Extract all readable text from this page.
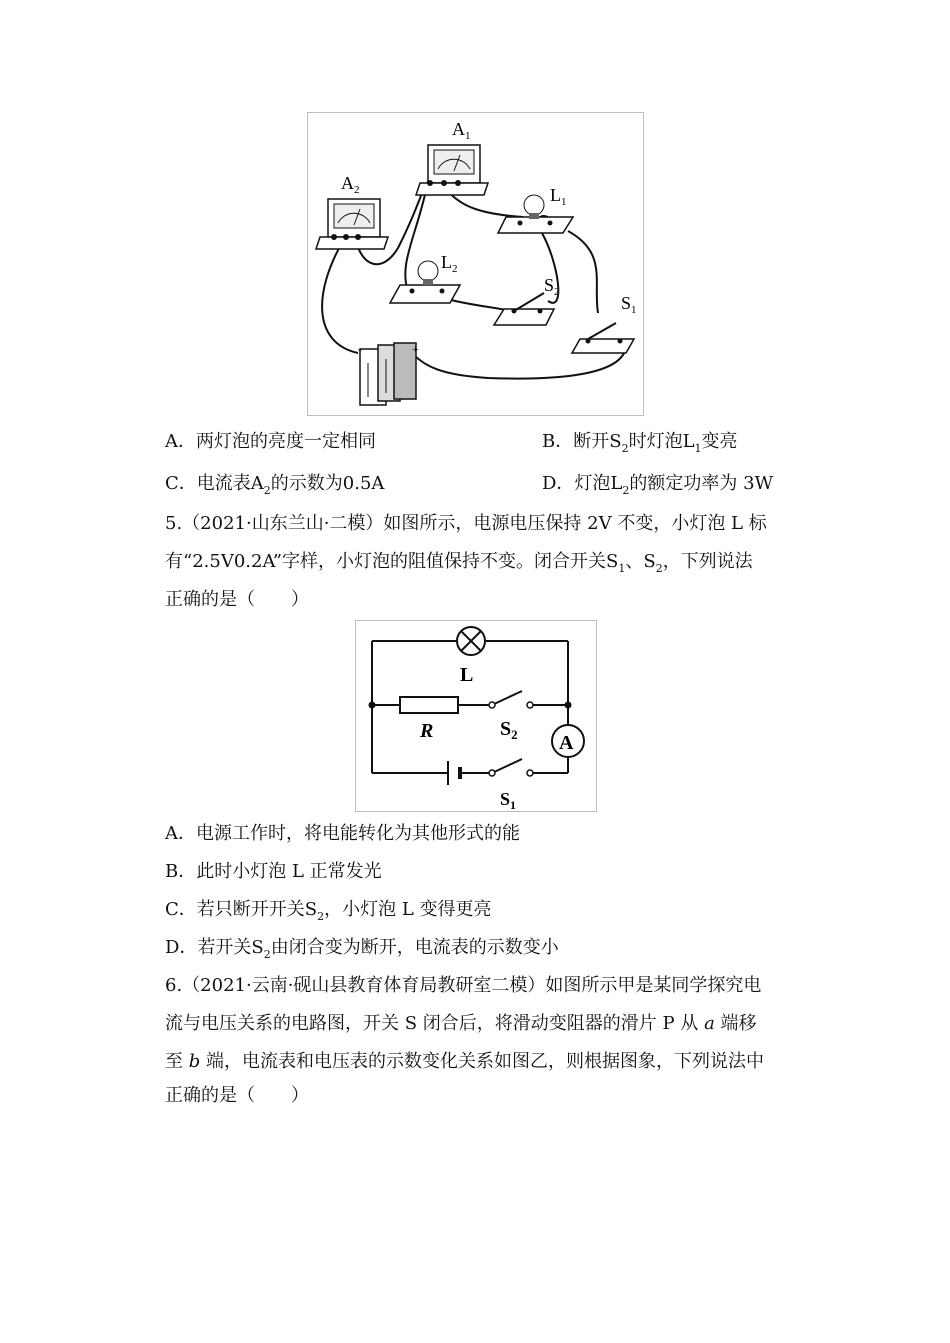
$A_1$
$A_2$	$L_1$
$L_2$
$S_2$
$S_1$
-	+
A．两灯泡的亮度一定相同	B．断开$S_2$时灯泡$L_1$变亮
C．电流表$A_2$的示数为0.5A	D．灯泡$L_2$的额定功率为 3W
5.（2021·山东兰山·二模）如图所示，电源电压保持 2V 不变，小灯泡 L 标
有“2.5V0.2A”字样，小灯泡的阻值保持不变。闭合开关$S_1$、$S_2$，下列说法
正确的是（　　）
A
L
R	$S_2$
$S_1$
A．电源工作时，将电能转化为其他形式的能
B．此时小灯泡 L 正常发光
C．若只断开开关$S_2$，小灯泡 L 变得更亮
D．若开关$S_2$由闭合变为断开，电流表的示数变小
6.（2021·云南·砚山县教育体育局教研室二模）如图所示甲是某同学探究电
流与电压关系的电路图，开关 S 闭合后，将滑动变阻器的滑片 P 从 a 端移
至 b 端，电流表和电压表的示数变化关系如图乙，则根据图象，下列说法中
正确的是（　　）
